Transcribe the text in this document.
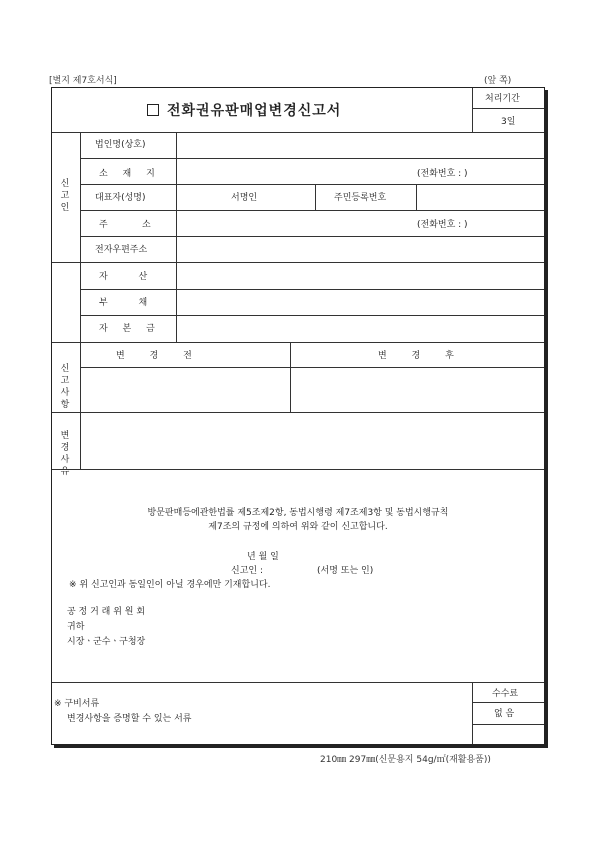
[별지 제7호서식]	(앞 쪽)
전화권유판매업변경신고서
처리기간
3일
신
고
인
법인명(상호)
소 재 지	(전화번호 : )
대표자(성명)	서명인	주민등록번호
주            소	(전화번호 : )
전자우편주소
자 산
부 채
자 본 금
신고
사항
변 경 전	변 경 후
변경
사유
방문판매등에관한법률 제5조제2항, 동법시행령 제7조제3항 및 동법시행규칙
제7조의 규정에 의하여 위와 같이 신고합니다.
년 월 일
신고인 :	(서명 또는 인)
※ 위 신고인과 동일인이 아닐 경우에만 기재합니다.
공 정 거 래 위 원 회
귀하
시장ㆍ군수ㆍ구청장
수수료
없 음
※ 구비서류
변경사항을 증명할 수 있는 서류
210㎜ 297㎜(신문용지 54g/㎡(재활용품))
